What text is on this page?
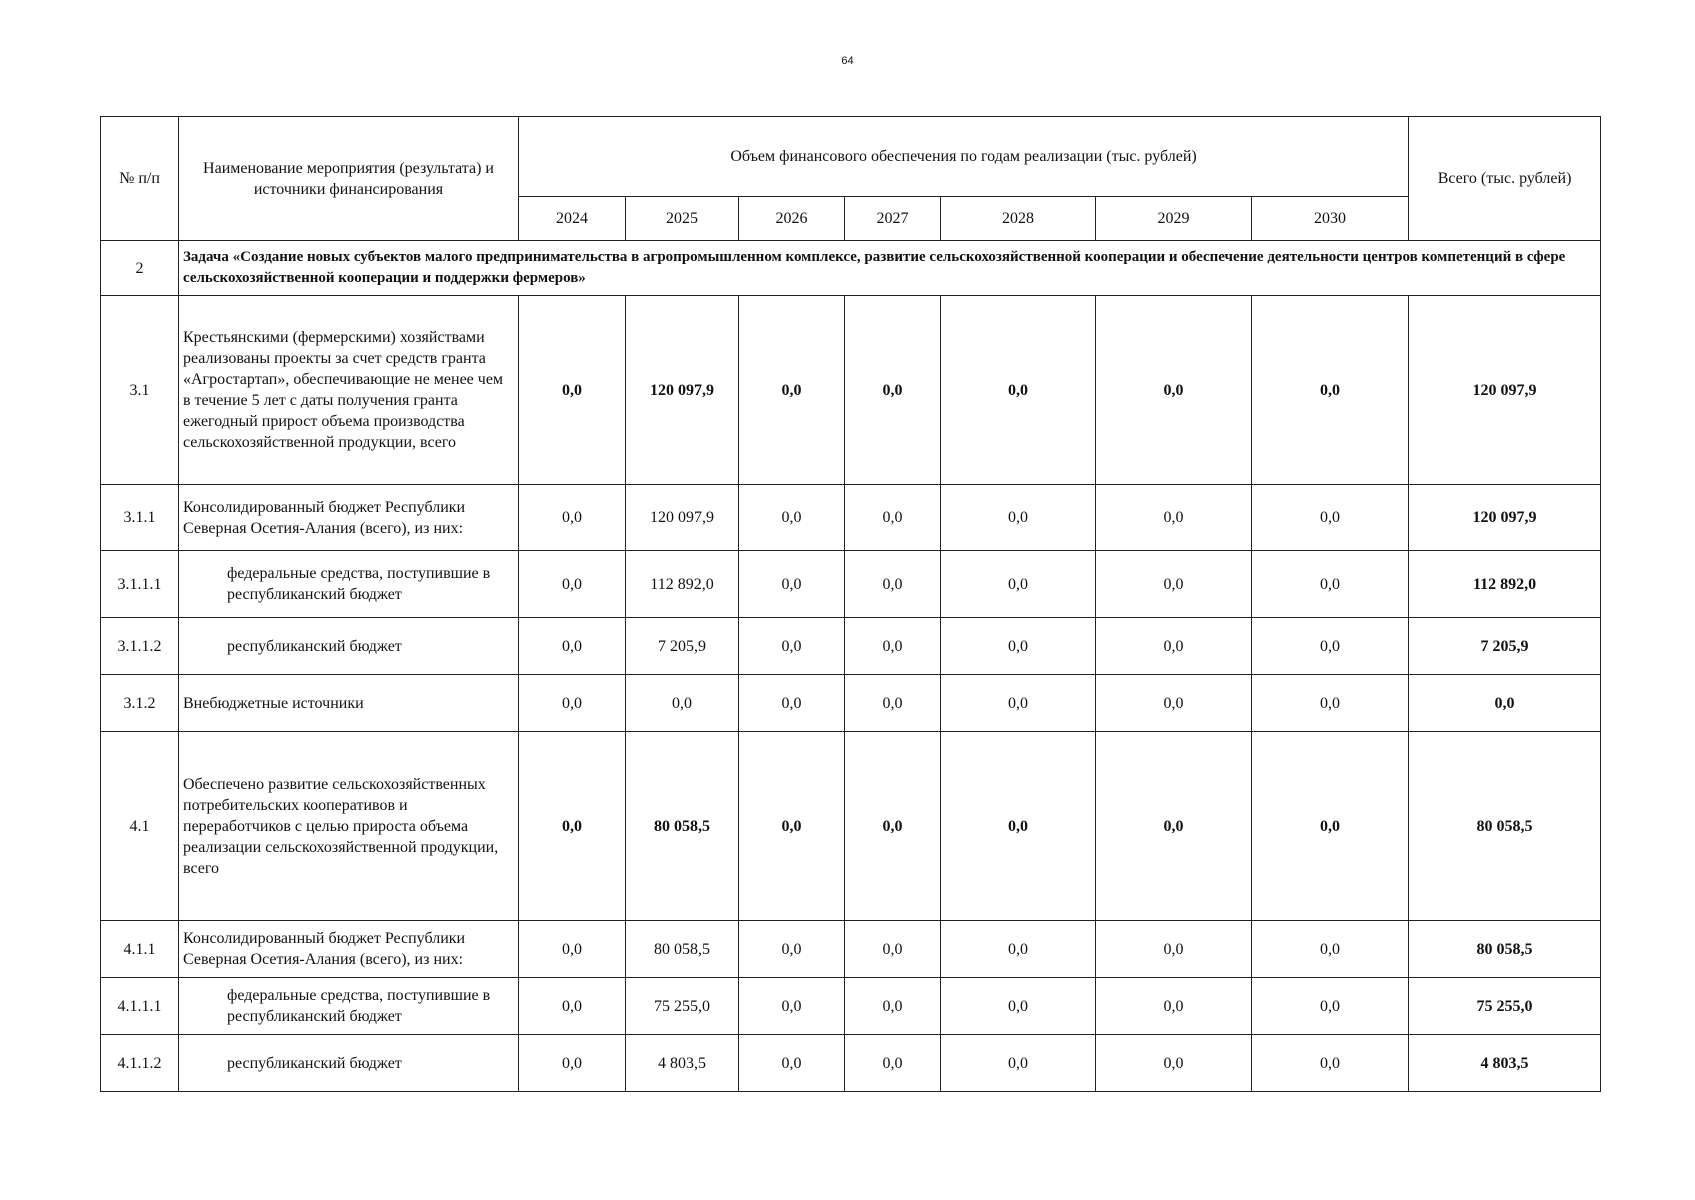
64
№ п/п	Наименование мероприятия (результата) и источники финансирования	Объем финансового обеспечения по годам реализации (тыс. рублей)							Всего (тыс. рублей)
		2024	2025	2026	2027	2028	2029	2030	
2	Задача «Создание новых субъектов малого предпринимательства в агропромышленном комплексе, развитие сельскохозяйственной кооперации и обеспечение деятельности центров компетенций в сфере сельскохозяйственной кооперации и поддержки фермеров»								
3.1	Крестьянскими (фермерскими) хозяйствами реализованы проекты за счет средств гранта «Агростартап», обеспечивающие не менее чем в течение 5 лет с даты получения гранта ежегодный прирост объема производства сельскохозяйственной продукции, всего	0,0	120 097,9	0,0	0,0	0,0	0,0	0,0	120 097,9
3.1.1	Консолидированный бюджет Республики Северная Осетия-Алания (всего), из них:	0,0	120 097,9	0,0	0,0	0,0	0,0	0,0	120 097,9
3.1.1.1	федеральные средства, поступившие в республиканский бюджет	0,0	112 892,0	0,0	0,0	0,0	0,0	0,0	112 892,0
3.1.1.2	республиканский бюджет	0,0	7 205,9	0,0	0,0	0,0	0,0	0,0	7 205,9
3.1.2	Внебюджетные источники	0,0	0,0	0,0	0,0	0,0	0,0	0,0	0,0
4.1	Обеспечено развитие сельскохозяйственных потребительских кооперативов и переработчиков с целью прироста объема реализации сельскохозяйственной продукции, всего	0,0	80 058,5	0,0	0,0	0,0	0,0	0,0	80 058,5
4.1.1	Консолидированный бюджет Республики Северная Осетия-Алания (всего), из них:	0,0	80 058,5	0,0	0,0	0,0	0,0	0,0	80 058,5
4.1.1.1	федеральные средства, поступившие в республиканский бюджет	0,0	75 255,0	0,0	0,0	0,0	0,0	0,0	75 255,0
4.1.1.2	республиканский бюджет	0,0	4 803,5	0,0	0,0	0,0	0,0	0,0	4 803,5
